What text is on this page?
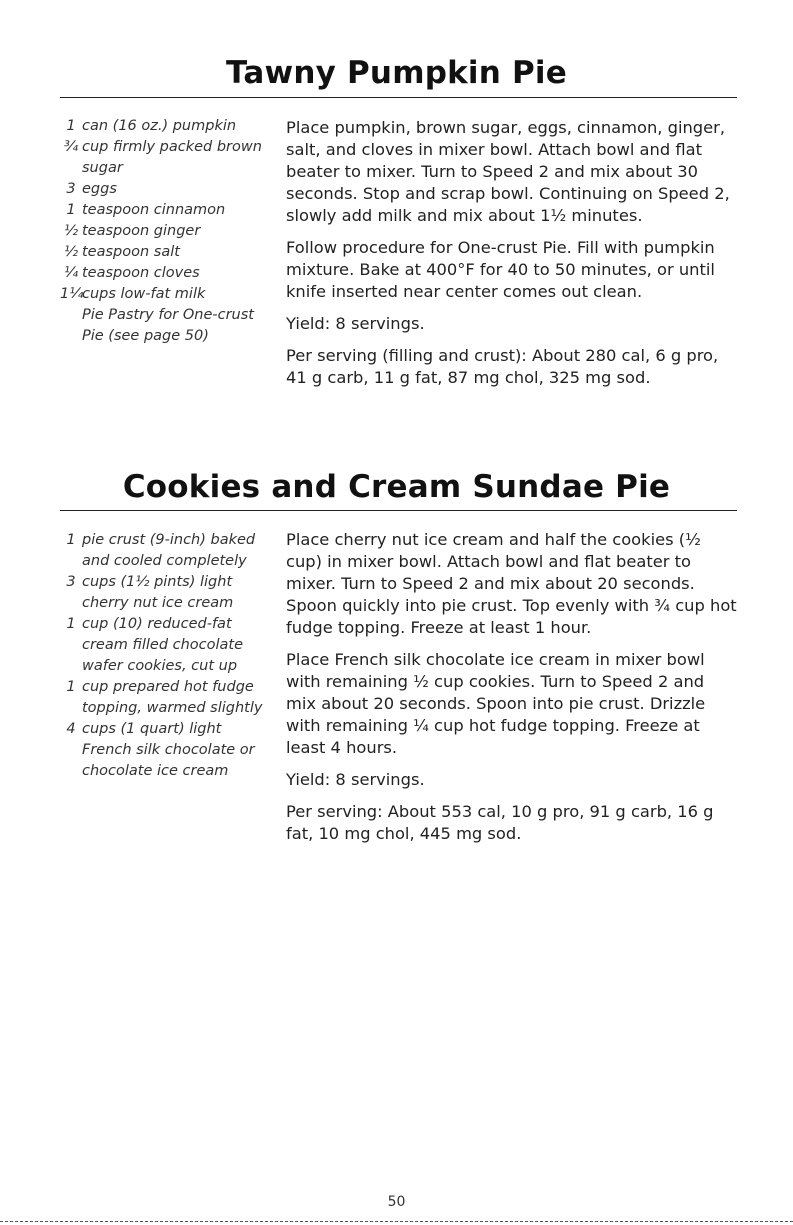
Tawny Pumpkin Pie
1 can (16 oz.) pumpkin
¾ cup firmly packed brown sugar
3 eggs
1 teaspoon cinnamon
½ teaspoon ginger
½ teaspoon salt
¼ teaspoon cloves
1¼
cups low-fat milk
Pie Pastry for One-crust Pie (see page 50)

Place pumpkin, brown sugar, eggs, cinnamon, ginger, salt, and cloves in mixer bowl. Attach bowl and flat beater to mixer. Turn to Speed 2 and mix about 30 seconds. Stop and scrap bowl. Continuing on Speed 2, slowly add milk and mix about 1½ minutes.

Follow procedure for One-crust Pie. Fill with pumpkin mixture. Bake at 400°F for 40 to 50 minutes, or until knife inserted near center comes out clean.

Yield: 8 servings.

Per serving (filling and crust): About 280 cal, 6 g pro, 41 g carb, 11 g fat, 87 mg chol, 325 mg sod.

Cookies and Cream Sundae Pie
1 pie crust (9-inch) baked and cooled completely
3 cups (1½ pints) light cherry nut ice cream
1 cup (10) reduced-fat cream filled chocolate wafer cookies, cut up
1 cup prepared hot fudge topping, warmed slightly
4 cups (1 quart) light French silk chocolate or chocolate ice cream

Place cherry nut ice cream and half the cookies (½ cup) in mixer bowl. Attach bowl and flat beater to mixer. Turn to Speed 2 and mix about 20 seconds. Spoon quickly into pie crust. Top evenly with ¾ cup hot fudge topping. Freeze at least 1 hour.

Place French silk chocolate ice cream in mixer bowl with remaining ½ cup cookies. Turn to Speed 2 and mix about 20 seconds. Spoon into pie crust. Drizzle with remaining ¼ cup hot fudge topping. Freeze at least 4 hours.

Yield: 8 servings.

Per serving: About 553 cal, 10 g pro, 91 g carb, 16 g fat, 10 mg chol, 445 mg sod.

50
